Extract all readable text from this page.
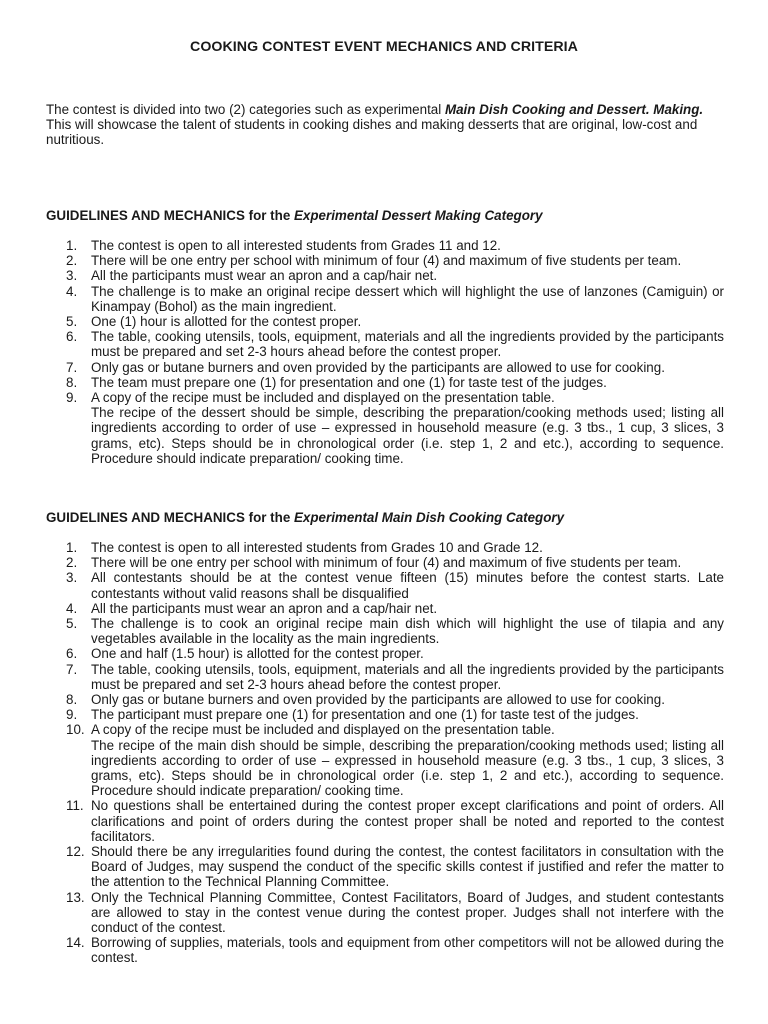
COOKING CONTEST EVENT MECHANICS AND CRITERIA

The contest is divided into two (2) categories such as experimental Main Dish Cooking and Dessert. Making.

This will showcase the talent of students in cooking dishes and making desserts that are original, low-cost and nutritious.

GUIDELINES AND MECHANICS for the Experimental Dessert Making Category
1.	The contest is open to all interested students from Grades 11 and 12.
2.	There will be one entry per school with minimum of four (4) and maximum of five students per team.
3.	All the participants must wear an apron and a cap/hair net.
4.	The challenge is to make an original recipe dessert which will highlight the use of lanzones (Camiguin) or Kinampay (Bohol) as the main ingredient.
5.	One (1) hour is allotted for the contest proper.
6.	The table, cooking utensils, tools, equipment, materials and all the ingredients provided by the participants must be prepared and set 2-3 hours ahead before the contest proper.
7.	Only gas or butane burners and oven provided by the participants are allowed to use for cooking.
8.	The team must prepare one (1) for presentation and one (1) for taste test of the judges.
9.	A copy of the recipe must be included and displayed on the presentation table.
The recipe of the dessert should be simple, describing the preparation/cooking methods used; listing all ingredients according to order of use – expressed in household measure (e.g. 3 tbs., 1 cup, 3 slices, 3 grams, etc). Steps should be in chronological order (i.e. step 1, 2 and etc.), according to sequence. Procedure should indicate preparation/ cooking time.
GUIDELINES AND MECHANICS for the Experimental Main Dish Cooking Category
1.	The contest is open to all interested students from Grades 10 and Grade 12.
2.	There will be one entry per school with minimum of four (4) and maximum of five students per team.
3.	All contestants should be at the contest venue fifteen (15) minutes before the contest starts. Late contestants without valid reasons shall be disqualified
4.	All the participants must wear an apron and a cap/hair net.
5.	The challenge is to cook an original recipe main dish which will highlight the use of tilapia and any vegetables available in the locality as the main ingredients.
6.	One and half (1.5 hour) is allotted for the contest proper.
7.	The table, cooking utensils, tools, equipment, materials and all the ingredients provided by the participants must be prepared and set 2-3 hours ahead before the contest proper.
8.	Only gas or butane burners and oven provided by the participants are allowed to use for cooking.
9.	The participant must prepare one (1) for presentation and one (1) for taste test of the judges.
10. A copy of the recipe must be included and displayed on the presentation table.
The recipe of the main dish should be simple, describing the preparation/cooking methods used; listing all ingredients according to order of use – expressed in household measure (e.g. 3 tbs., 1 cup, 3 slices, 3 grams, etc). Steps should be in chronological order (i.e. step 1, 2 and etc.), according to sequence. Procedure should indicate preparation/ cooking time.
11. No questions shall be entertained during the contest proper except clarifications and point of orders. All clarifications and point of orders during the contest proper shall be noted and reported to the contest facilitators.
12. Should there be any irregularities found during the contest, the contest facilitators in consultation with the Board of Judges, may suspend the conduct of the specific skills contest if justified and refer the matter to the attention to the Technical Planning Committee.
13. Only the Technical Planning Committee, Contest Facilitators, Board of Judges, and student contestants are allowed to stay in the contest venue during the contest proper. Judges shall not interfere with the conduct of the contest.
14. Borrowing of supplies, materials, tools and equipment from other competitors will not be allowed during the contest.
